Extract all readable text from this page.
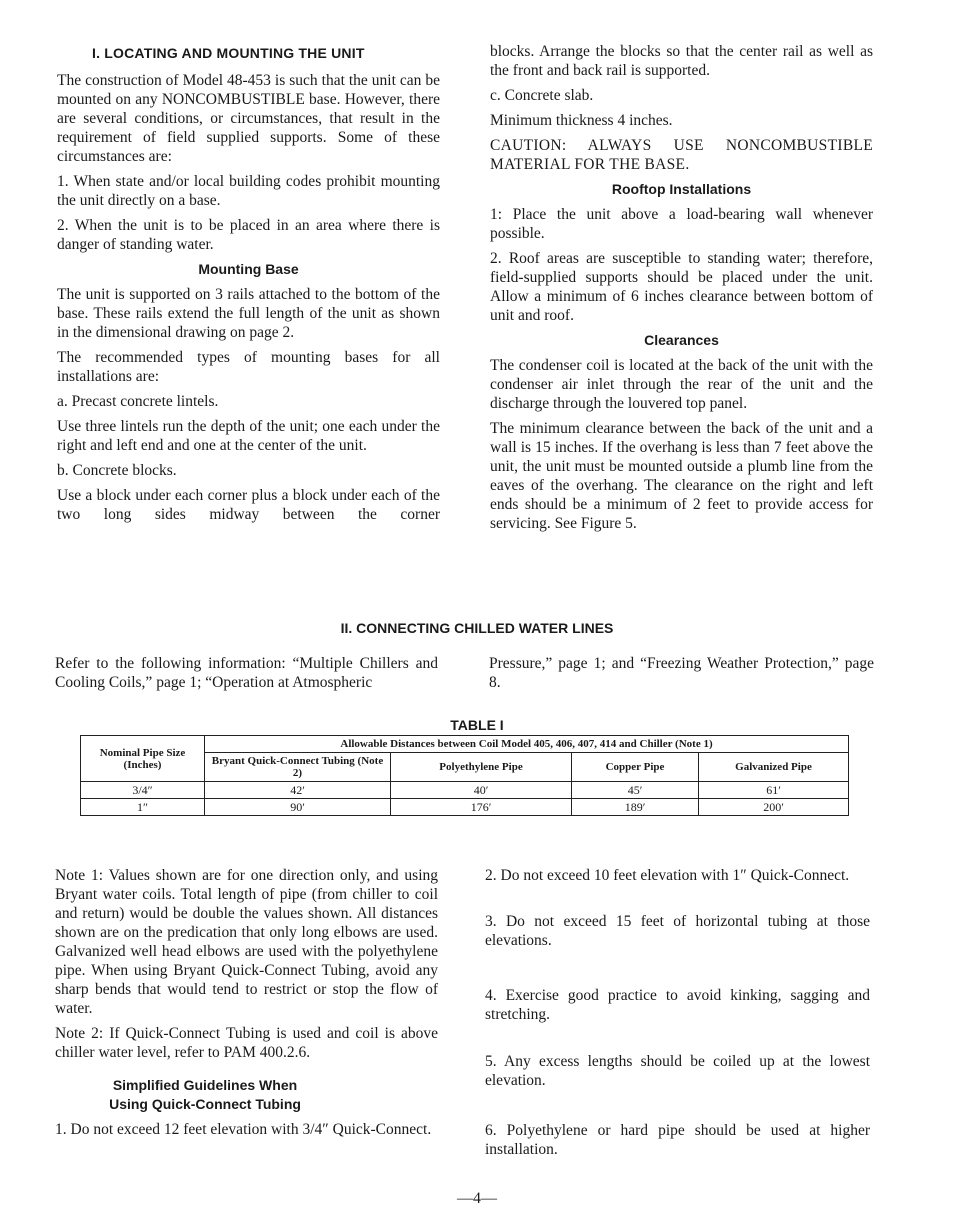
I. LOCATING AND MOUNTING THE UNIT

The construction of Model 48-453 is such that the unit can be mounted on any NONCOMBUSTIBLE base. However, there are several conditions, or circumstances, that result in the requirement of field supplied supports. Some of these circumstances are:

1. When state and/or local building codes prohibit mounting the unit directly on a base.

2. When the unit is to be placed in an area where there is danger of standing water.

Mounting Base

The unit is supported on 3 rails attached to the bottom of the base. These rails extend the full length of the unit as shown in the dimensional drawing on page 2.

The recommended types of mounting bases for all installations are:

a. Precast concrete lintels.

Use three lintels run the depth of the unit; one each under the right and left end and one at the center of the unit.

b. Concrete blocks.

Use a block under each corner plus a block under each of the two long sides midway between the corner

blocks. Arrange the blocks so that the center rail as well as the front and back rail is supported.

c. Concrete slab.

Minimum thickness 4 inches.

CAUTION: ALWAYS USE NONCOMBUSTIBLE MATERIAL FOR THE BASE.

Rooftop Installations

1: Place the unit above a load-bearing wall whenever possible.

2. Roof areas are susceptible to standing water; therefore, field-supplied supports should be placed under the unit. Allow a minimum of 6 inches clearance between bottom of unit and roof.

Clearances

The condenser coil is located at the back of the unit with the condenser air inlet through the rear of the unit and the discharge through the louvered top panel.

The minimum clearance between the back of the unit and a wall is 15 inches. If the overhang is less than 7 feet above the unit, the unit must be mounted outside a plumb line from the eaves of the overhang. The clearance on the right and left ends should be a minimum of 2 feet to provide access for servicing. See Figure 5.

II. CONNECTING CHILLED WATER LINES

Refer to the following information: “Multiple Chillers and Cooling Coils,” page 1; “Operation at Atmospheric

Pressure,” page 1; and “Freezing Weather Protection,” page 8.

TABLE I
Nominal Pipe Size (Inches)	Allowable Distances between Coil Model 405, 406, 407, 414 and Chiller (Note 1)			
	Bryant Quick-Connect Tubing (Note 2)	Polyethylene Pipe	Copper Pipe	Galvanized Pipe
3/4″	42′	40′	45′	61′
1″	90′	176′	189′	200′

Note 1: Values shown are for one direction only, and using Bryant water coils. Total length of pipe (from chiller to coil and return) would be double the values shown. All distances shown are on the predication that only long elbows are used. Galvanized well head elbows are used with the polyethylene pipe. When using Bryant Quick-Connect Tubing, avoid any sharp bends that would tend to restrict or stop the flow of water.

Note 2: If Quick-Connect Tubing is used and coil is above chiller water level, refer to PAM 400.2.6.

Simplified Guidelines When
Using Quick-Connect Tubing

1. Do not exceed 12 feet elevation with 3/4″ Quick-Connect.

2. Do not exceed 10 feet elevation with 1″ Quick-Connect.

3. Do not exceed 15 feet of horizontal tubing at those elevations.

4. Exercise good practice to avoid kinking, sagging and stretching.

5. Any excess lengths should be coiled up at the lowest elevation.

6. Polyethylene or hard pipe should be used at higher installation.

—4—
